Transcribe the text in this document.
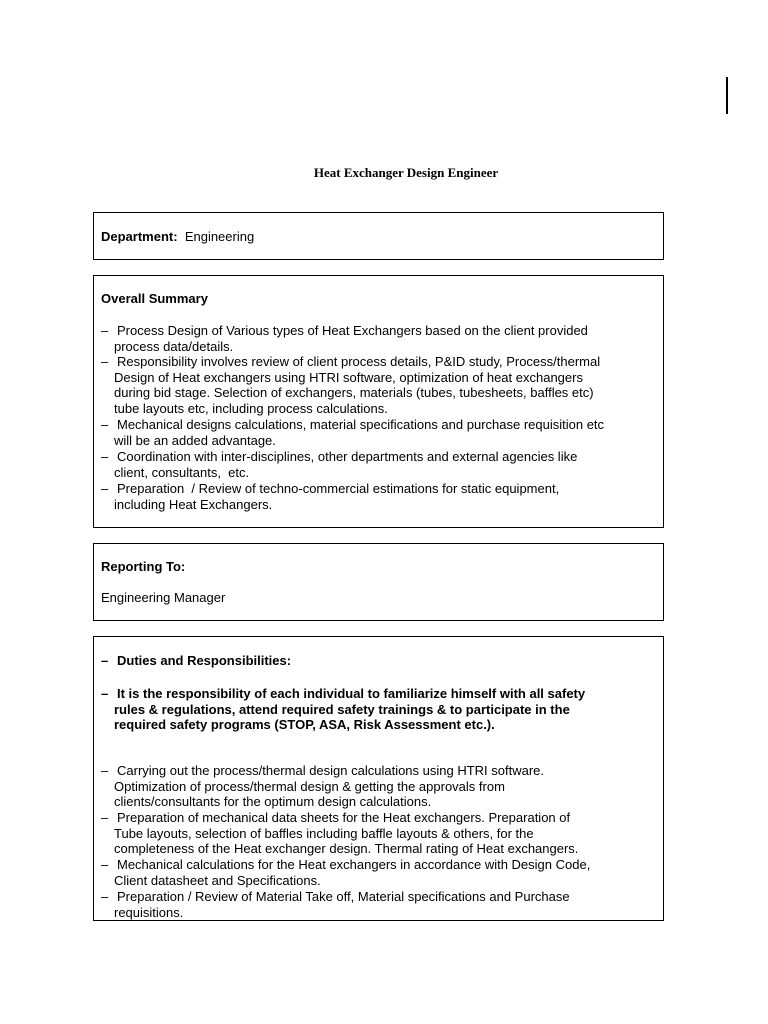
Heat Exchanger Design Engineer
Department: Engineering
Overall Summary
– Process Design of Various types of Heat Exchangers based on the client provided
process data/details.
– Responsibility involves review of client process details, P&ID study, Process/thermal
Design of Heat exchangers using HTRI software, optimization of heat exchangers
during bid stage. Selection of exchangers, materials (tubes, tubesheets, baffles etc)
tube layouts etc, including process calculations.
– Mechanical designs calculations, material specifications and purchase requisition etc
will be an added advantage.
– Coordination with inter-disciplines, other departments and external agencies like
client, consultants,  etc.
– Preparation  / Review of techno-commercial estimations for static equipment,
including Heat Exchangers.
Reporting To:
Engineering Manager
– Duties and Responsibilities:
– It is the responsibility of each individual to familiarize himself with all safety
rules & regulations, attend required safety trainings & to participate in the
required safety programs (STOP, ASA, Risk Assessment etc.).
– Carrying out the process/thermal design calculations using HTRI software.
Optimization of process/thermal design & getting the approvals from
clients/consultants for the optimum design calculations.
– Preparation of mechanical data sheets for the Heat exchangers. Preparation of
Tube layouts, selection of baffles including baffle layouts & others, for the
completeness of the Heat exchanger design. Thermal rating of Heat exchangers.
– Mechanical calculations for the Heat exchangers in accordance with Design Code,
Client datasheet and Specifications.
– Preparation / Review of Material Take off, Material specifications and Purchase
requisitions.
